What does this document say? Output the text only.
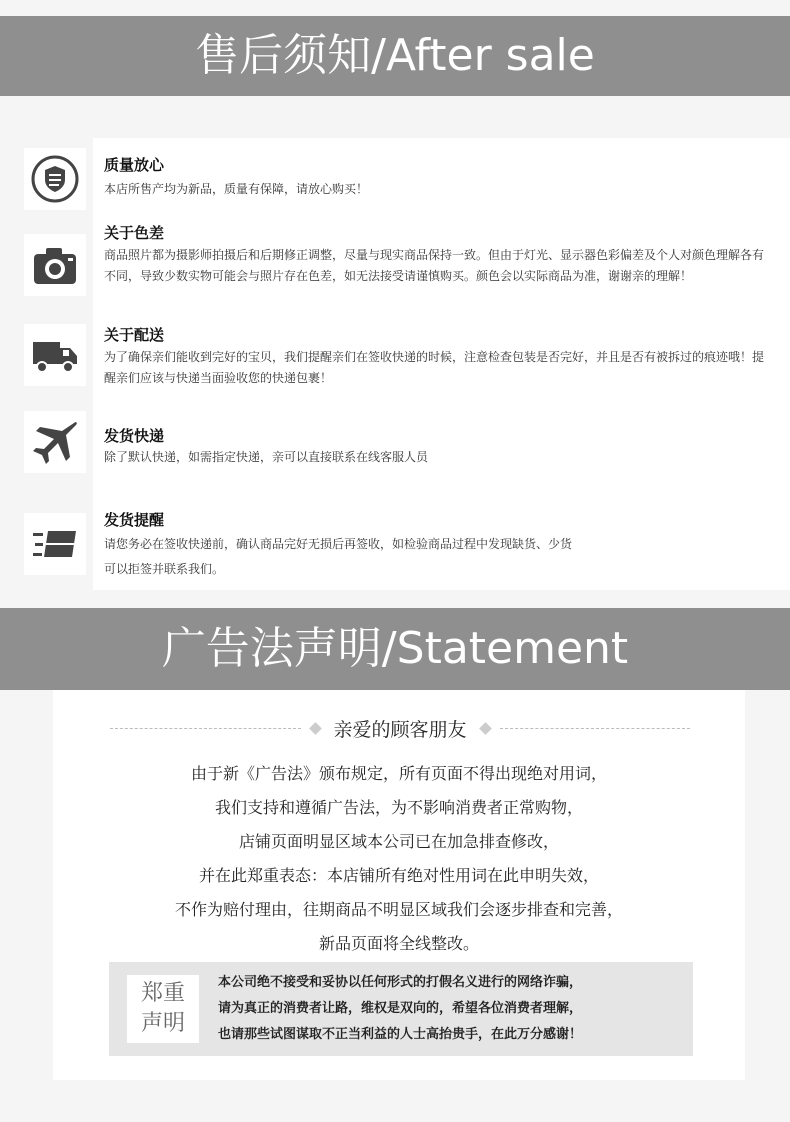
售后须知/After sale
质量放心
本店所售产均为新品，质量有保障，请放心购买！
关于色差
商品照片都为摄影师拍摄后和后期修正调整，尽量与现实商品保持一致。但由于灯光、显示器色彩偏差及个人对颜色理解各有不同，导致少数实物可能会与照片存在色差，如无法接受请谨慎购买。颜色会以实际商品为准，谢谢亲的理解！
关于配送
为了确保亲们能收到完好的宝贝，我们提醒亲们在签收快递的时候，注意检查包装是否完好，并且是否有被拆过的痕迹哦！提醒亲们应该与快递当面验收您的快递包裹！
发货快递
除了默认快递，如需指定快递，亲可以直接联系在线客服人员
发货提醒
请您务必在签收快递前，确认商品完好无损后再签收，如检验商品过程中发现缺货、少货
可以拒签并联系我们。
广告法声明/Statement
亲爱的顾客朋友
由于新《广告法》颁布规定，所有页面不得出现绝对用词，
我们支持和遵循广告法，为不影响消费者正常购物，
店铺页面明显区域本公司已在加急排查修改，
并在此郑重表态：本店铺所有绝对性用词在此申明失效，
不作为赔付理由，往期商品不明显区域我们会逐步排查和完善，
新品页面将全线整改。
郑重
声明
本公司绝不接受和妥协以任何形式的打假名义进行的网络诈骗，
请为真正的消费者让路，维权是双向的，希望各位消费者理解，
也请那些试图谋取不正当利益的人士高抬贵手，在此万分感谢！
